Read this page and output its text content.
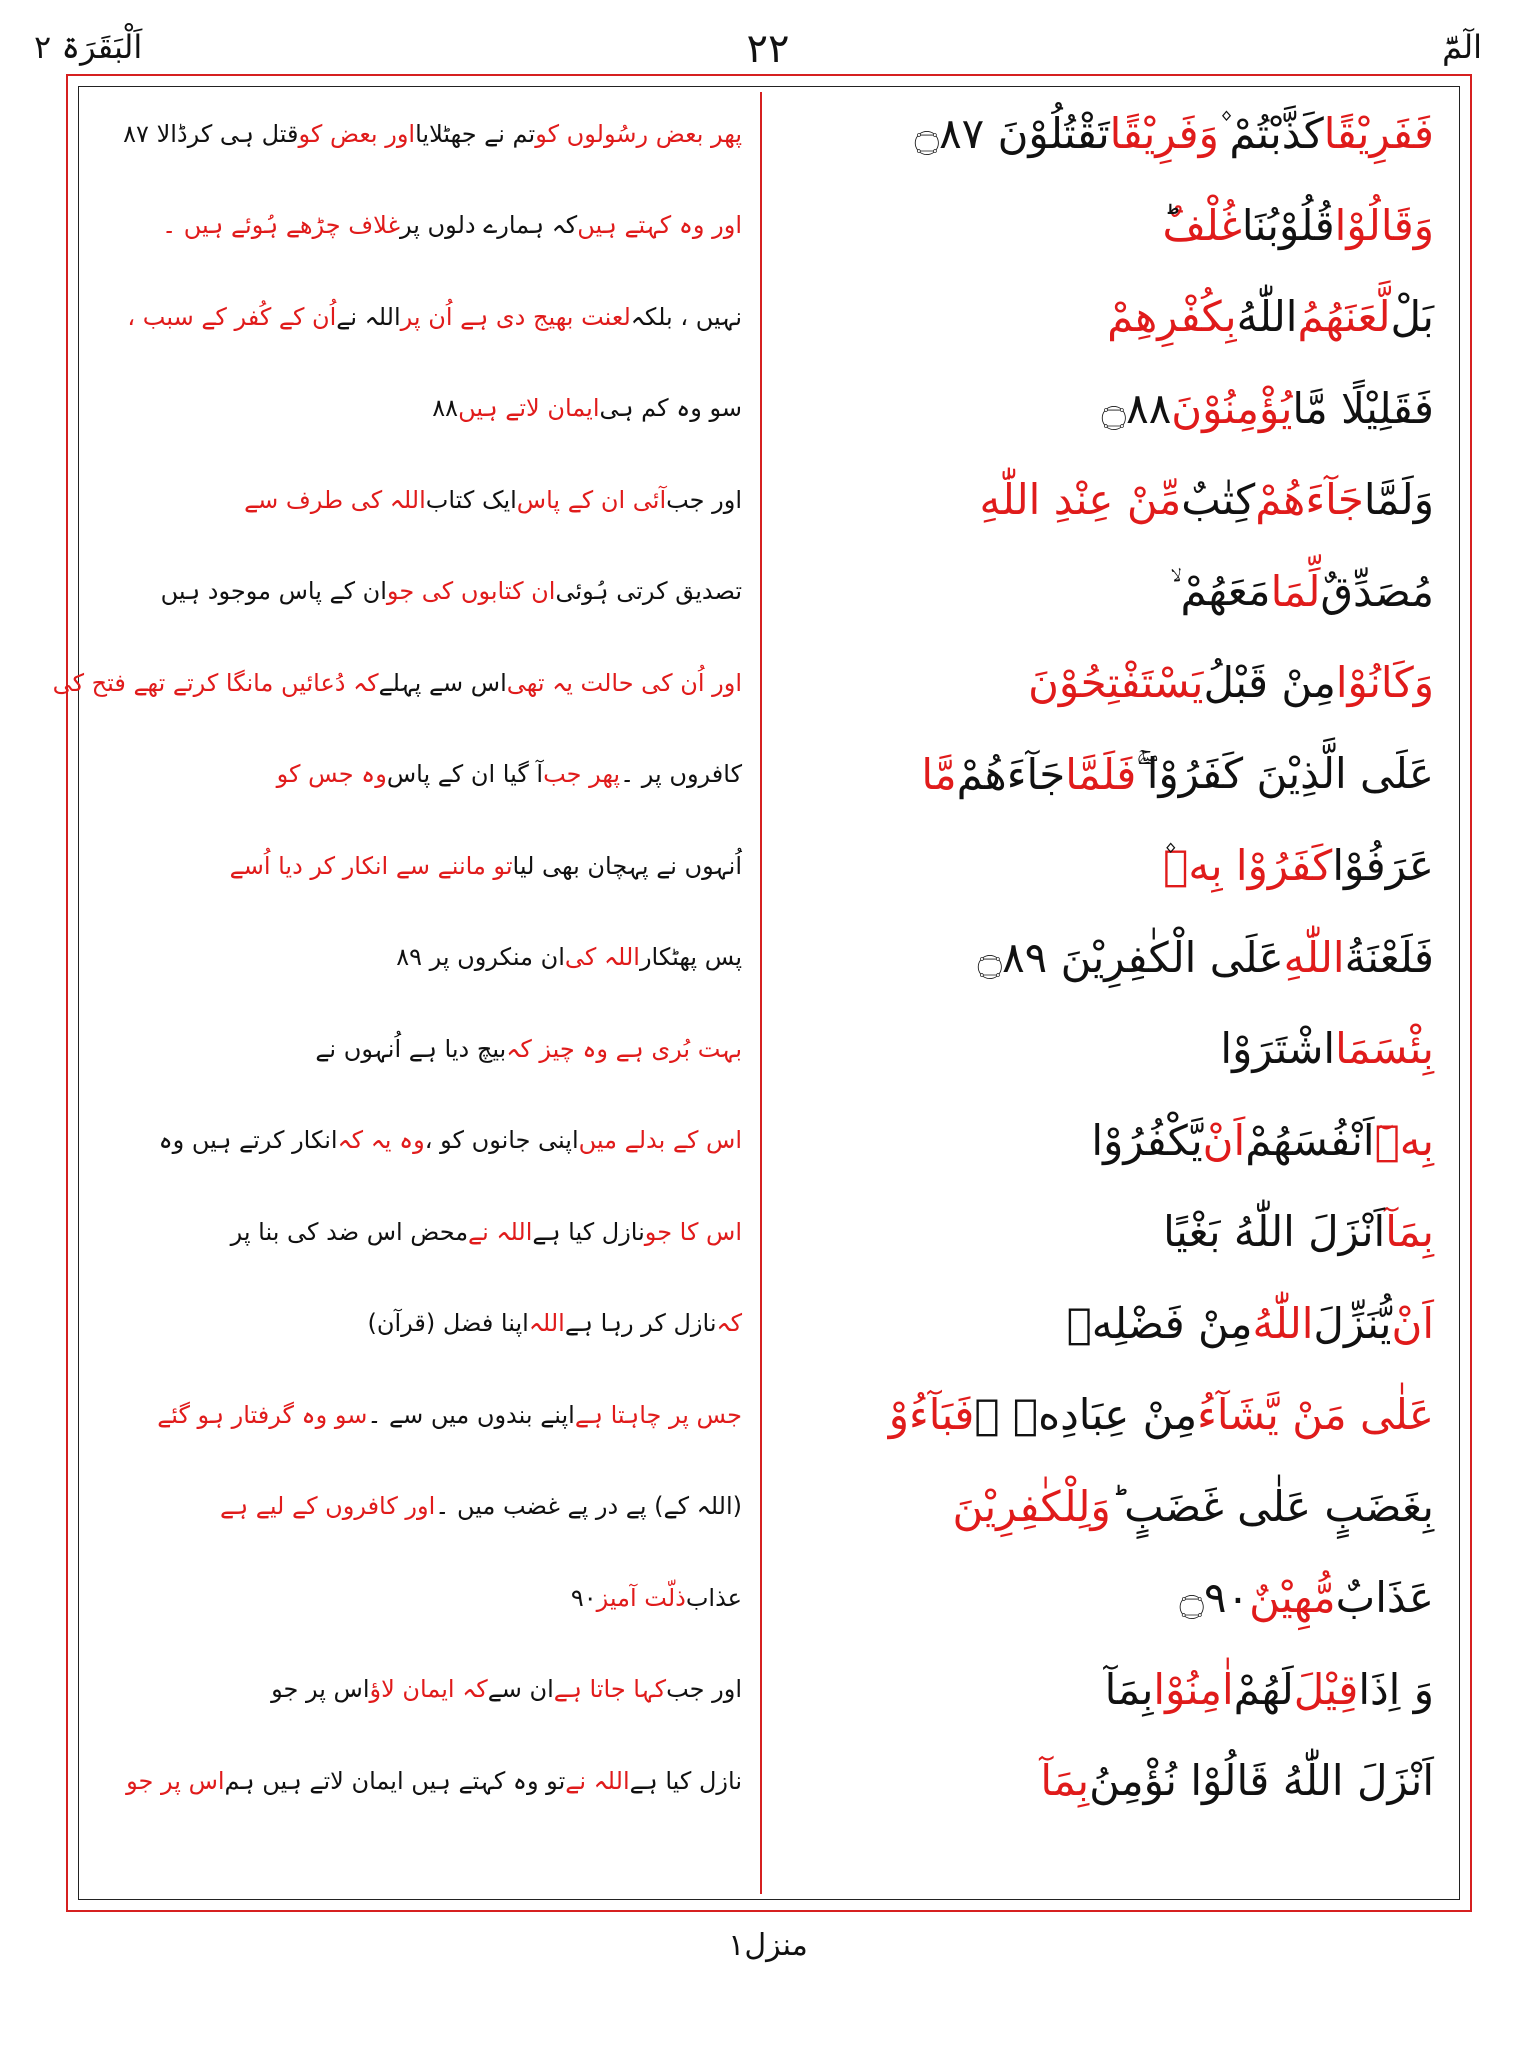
الٓمّٓ
۲۲
اَلْبَقَرَۃ ۲
فَفَرِيْقًا
كَذَّبْتُمْ ۫
وَفَرِيْقًا
تَقْتُلُوْنَ ۝٨٧
وَقَالُوْا
قُلُوْبُنَا
غُلْفٌ
بَلْ
لَّعَنَهُمُ
اللّٰهُ
بِكُفْرِهِمْ
فَقَلِيْلًا مَّا
يُؤْمِنُوْنَ
۝٨٨
وَلَمَّا
جَآءَهُمْ
كِتٰبٌ
مِّنْ عِنْدِ اللّٰهِ
مُصَدِّقٌ
لِّمَا
مَعَهُمْ ۙ
وَكَانُوْا
مِنْ قَبْلُ
يَسْتَفْتِحُوْنَ
عَلَى الَّذِيْنَ كَفَرُوْا ۚۖ
فَلَمَّا
جَآءَهُمْ
مَّا
عَرَفُوْا
كَفَرُوْا بِهٖ
فَلَعْنَةُ
اللّٰهِ
عَلَى الْكٰفِرِيْنَ ۝٨٩
بِئْسَمَا
اشْتَرَوْا
بِهٖٓ
اَنْفُسَهُمْ
اَنْ
يَّكْفُرُوْا
بِمَآ
اَنْزَلَ اللّٰهُ بَغْيًا
اَنْ
يُّنَزِّلَ
اللّٰهُ
مِنْ فَضْلِهٖ
عَلٰى مَنْ يَّشَآءُ
مِنْ عِبَادِهٖ ۚ
فَبَآءُوْ
بِغَضَبٍ عَلٰى غَضَبٍ ؕ
وَلِلْكٰفِرِيْنَ
عَذَابٌ
مُّهِيْنٌ
۝٩٠
وَ اِذَا
قِيْلَ
لَهُمْ
اٰمِنُوْا
بِمَآ
اَنْزَلَ اللّٰهُ قَالُوْا نُؤْمِنُ
بِمَآ
پھر بعض رسُولوں کو
تم نے جھٹلایا
اور بعض کو
قتل ہی کرڈالا ۸۷
اور وہ کہتے ہیں
کہ ہمارے دلوں پر
غلاف چڑھے ہُوئے ہیں ۔
نہیں ، بلکہ
لعنت بھیج دی ہے اُن پر
اللہ نے
اُن کے کُفر کے سبب ،
سو وہ کم ہی
ایمان لاتے ہیں
۸۸
اور جب
آئی ان کے پاس
ایک کتاب
اللہ کی طرف سے
تصدیق کرتی ہُوئی
ان کتابوں کی جو
ان کے پاس موجود ہیں
اور اُن کی حالت یہ تھی
اس سے پہلے
کہ دُعائیں مانگا کرتے تھے فتح کی
کافروں پر ۔
پھر جب
آ گیا ان کے پاس
وہ جس کو
اُنہوں نے پہچان بھی لیا
تو ماننے سے انکار کر دیا اُسے
پس پھٹکار
اللہ کی
ان منکروں پر ۸۹
بہت بُری ہے وہ چیز کہ
بیچ دیا ہے اُنہوں نے
اس کے بدلے میں
اپنی جانوں کو ،
وہ یہ کہ
انکار کرتے ہیں وہ
اس کا جو
نازل کیا ہے
اللہ نے
محض اس ضد کی بنا پر
کہ
نازل کر رہا ہے
اللہ
اپنا فضل (قرآن)
جس پر چاہتا ہے
اپنے بندوں میں سے ۔
سو وہ گرفتار ہو گئے
(اللہ کے) پے در پے غضب میں ۔
اور کافروں کے لیے ہے
عذاب
ذلّت آمیز
۹۰
اور جب
کہا جاتا ہے
ان سے
کہ ایمان لاؤ
اس پر جو
نازل کیا ہے
اللہ نے
تو وہ کہتے ہیں ایمان لاتے ہیں ہم
اس پر جو
منزل۱
